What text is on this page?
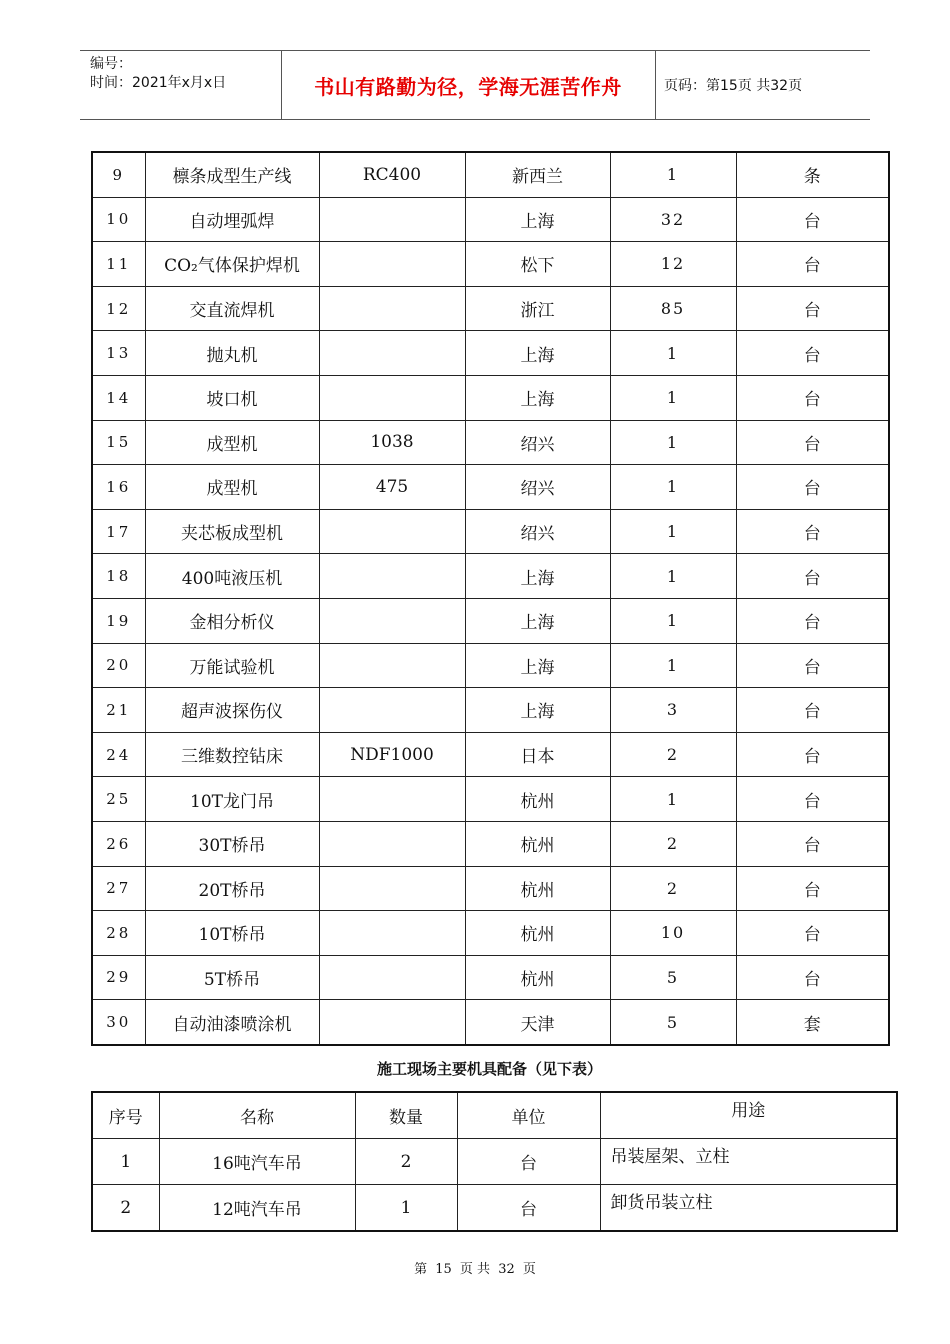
编号：
时间：2021年x月x日	书山有路勤为径，学海无涯苦作舟	页码：第15页 共32页
9	檩条成型生产线	RC400	新西兰	1	条
10	自动埋弧焊		上海	32	台
11	CO₂气体保护焊机		松下	12	台
12	交直流焊机		浙江	85	台
13	抛丸机		上海	1	台
14	坡口机		上海	1	台
15	成型机	1038	绍兴	1	台
16	成型机	475	绍兴	1	台
17	夹芯板成型机		绍兴	1	台
18	400吨液压机		上海	1	台
19	金相分析仪		上海	1	台
20	万能试验机		上海	1	台
21	超声波探伤仪		上海	3	台
24	三维数控钻床	NDF1000	日本	2	台
25	10T龙门吊		杭州	1	台
26	30T桥吊		杭州	2	台
27	20T桥吊		杭州	2	台
28	10T桥吊		杭州	10	台
29	5T桥吊		杭州	5	台
30	自动油漆喷涂机		天津	5	套
施工现场主要机具配备（见下表）
序号	名称	数量	单位	用途
1	16吨汽车吊	2	台	吊装屋架、立柱
2	12吨汽车吊	1	台	卸货吊装立柱
第 15 页 共 32 页
